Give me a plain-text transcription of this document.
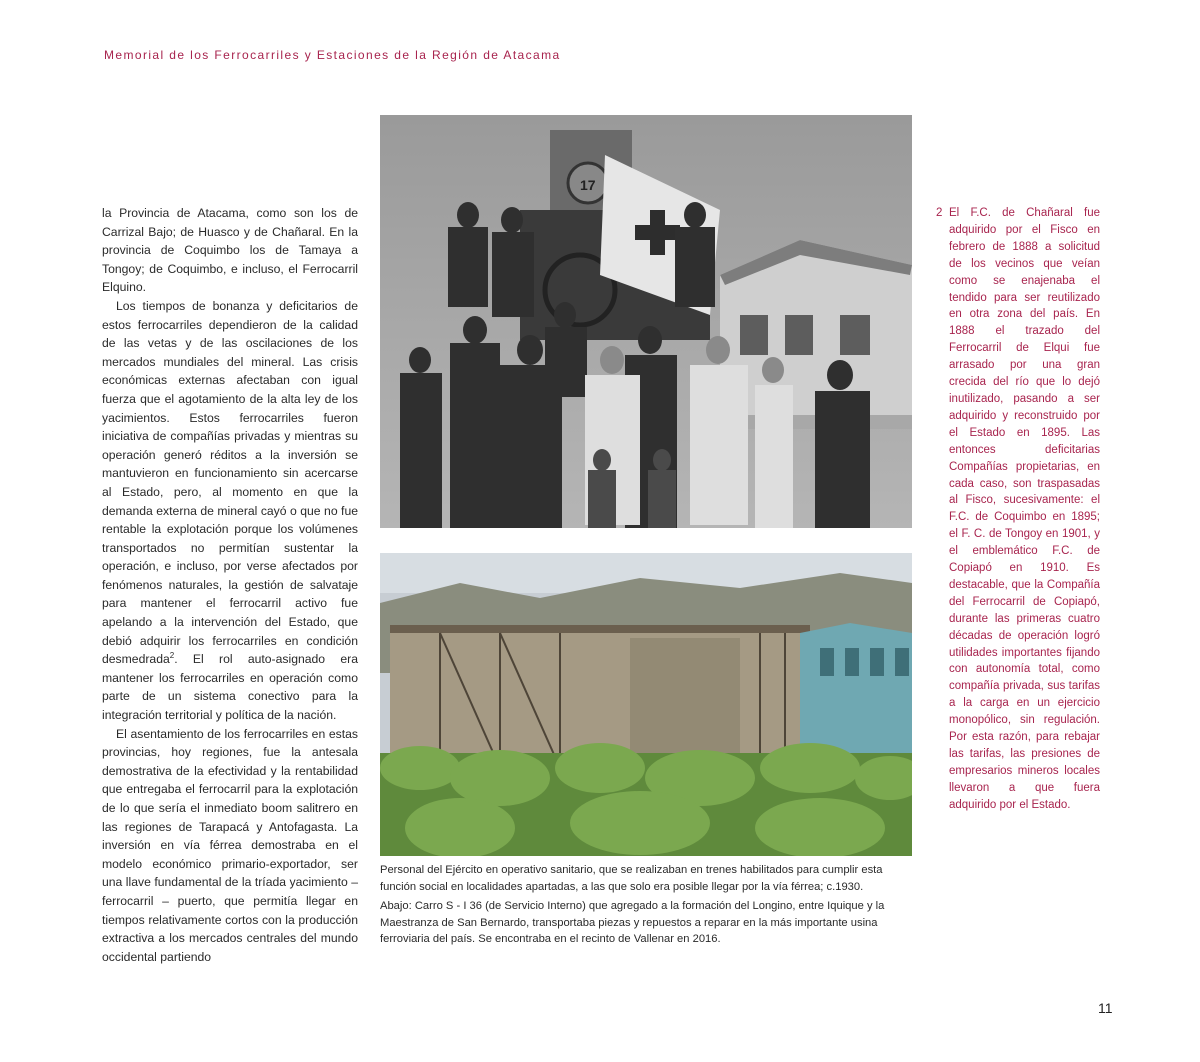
Memorial de los Ferrocarriles y Estaciones de la Región de Atacama

la Provincia de Atacama, como son los de Carrizal Bajo; de Huasco y de Chañaral. En la provincia de Coquimbo los de Tamaya a Tongoy; de Coquimbo, e incluso, el Ferrocarril Elquino.

Los tiempos de bonanza y deficitarios de estos ferrocarriles dependieron de la calidad de las vetas y de las oscilaciones de los mercados mundiales del mineral. Las crisis económicas externas afectaban con igual fuerza que el agotamiento de la alta ley de los yacimientos. Estos ferrocarriles fueron iniciativa de compañías privadas y mientras su operación generó réditos a la inversión se mantuvieron en funcionamiento sin acercarse al Estado, pero, al momento en que la demanda externa de mineral cayó o que no fue rentable la explotación porque los volúmenes transportados no permitían sustentar la operación, e incluso, por verse afectados por fenómenos naturales, la gestión de salvataje para mantener el ferrocarril activo fue apelando a la intervención del Estado, que debió adquirir los ferrocarriles en condición desmedrada$^2$. El rol auto-asignado era mantener los ferrocarriles en operación como parte de un sistema conectivo para la integración territorial y política de la nación.

El asentamiento de los ferrocarriles en estas provincias, hoy regiones, fue la antesala demostrativa de la efectividad y la rentabilidad que entregaba el ferrocarril para la explotación de lo que sería el inmediato boom salitrero en las regiones de Tarapacá y Antofagasta. La inversión en vía férrea demostraba en el modelo económico primario-exportador, ser una llave fundamental de la tríada yacimiento – ferrocarril – puerto, que permitía llegar en tiempos relativamente cortos con la producción extractiva a los mercados centrales del mundo occidental partiendo

17

Personal del Ejército en operativo sanitario, que se realizaban en trenes habilitados para cumplir esta función social en localidades apartadas, a las que solo era posible llegar por la vía férrea; c.1930.

Abajo: Carro S - I 36 (de Servicio Interno) que agregado a la formación del Longino, entre Iquique y la Maestranza de San Bernardo, transportaba piezas y repuestos a reparar en la más importante usina ferroviaria del país. Se encontraba en el recinto de Vallenar en 2016.

2 El F.C. de Chañaral fue adquirido por el Fisco en febrero de 1888 a solicitud de los vecinos que veían como se enajenaba el tendido para ser reutilizado en otra zona del país. En 1888 el trazado del Ferrocarril de Elqui fue arrasado por una gran crecida del río que lo dejó inutilizado, pasando a ser adquirido y reconstruido por el Estado en 1895. Las entonces deficitarias Compañías propietarias, en cada caso, son traspasadas al Fisco, sucesivamente: el F.C. de Coquimbo en 1895; el F. C. de Tongoy en 1901, y el emblemático F.C. de Copiapó en 1910. Es destacable, que la Compañía del Ferrocarril de Copiapó, durante las primeras cuatro décadas de operación logró utilidades importantes fijando con autonomía total, como compañía privada, sus tarifas a la carga en un ejercicio monopólico, sin regulación. Por esta razón, para rebajar las tarifas, las presiones de empresarios mineros locales llevaron a que fuera adquirido por el Estado.
11
